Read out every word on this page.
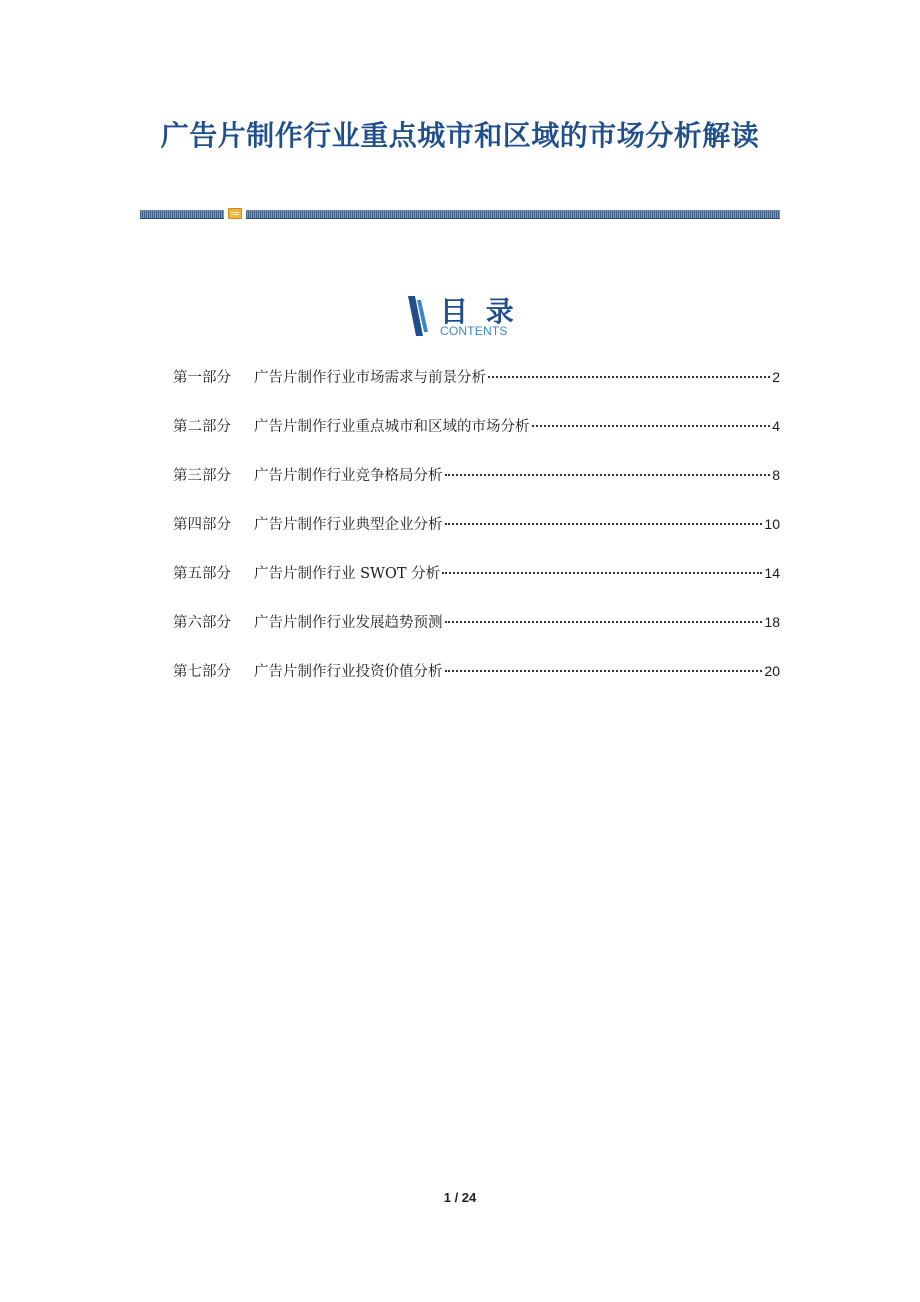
广告片制作行业重点城市和区域的市场分析解读
目 录
CONTENTS
第一部分	广告片制作行业市场需求与前景分析	2
第二部分	广告片制作行业重点城市和区域的市场分析	4
第三部分	广告片制作行业竞争格局分析	8
第四部分	广告片制作行业典型企业分析	10
第五部分	广告片制作行业 SWOT 分析	14
第六部分	广告片制作行业发展趋势预测	18
第七部分	广告片制作行业投资价值分析	20
1 / 24
